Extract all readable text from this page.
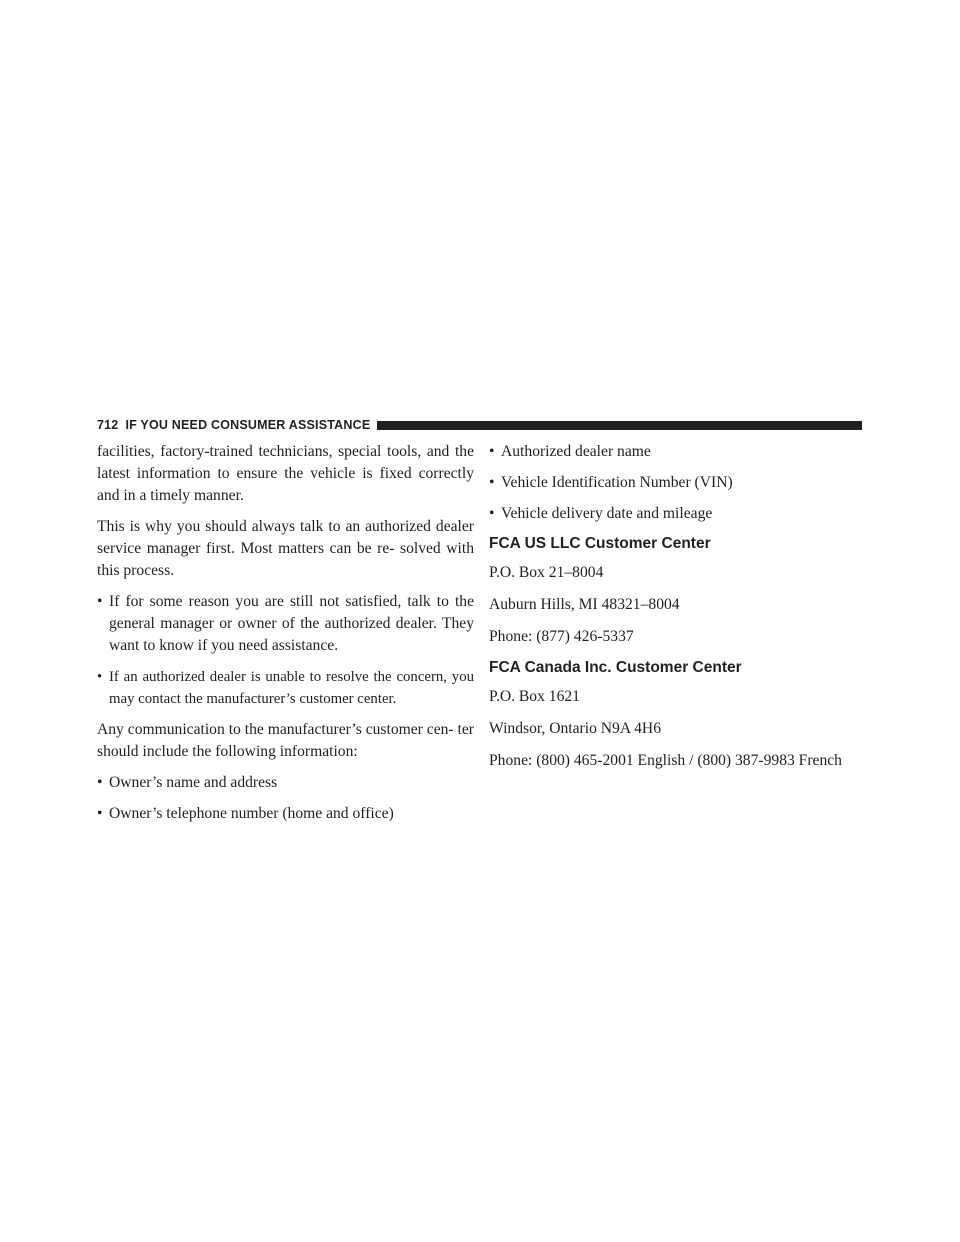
712 IF YOU NEED CONSUMER ASSISTANCE

facilities, factory-trained technicians, special tools, and the latest information to ensure the vehicle is fixed correctly and in a timely manner.

This is why you should always talk to an authorized dealer service manager first. Most matters can be re- solved with this process.

• If for some reason you are still not satisfied, talk to the general manager or owner of the authorized dealer. They want to know if you need assistance.
• If an authorized dealer is unable to resolve the concern, you may contact the manufacturer’s customer center.

Any communication to the manufacturer’s customer cen- ter should include the following information:

• Owner’s name and address
• Owner’s telephone number (home and office)
• Authorized dealer name
• Vehicle Identification Number (VIN)
• Vehicle delivery date and mileage
FCA US LLC Customer Center

P.O. Box 21–8004

Auburn Hills, MI 48321–8004

Phone: (877) 426-5337

FCA Canada Inc. Customer Center

P.O. Box 1621

Windsor, Ontario N9A 4H6

Phone: (800) 465-2001 English / (800) 387-9983 French
